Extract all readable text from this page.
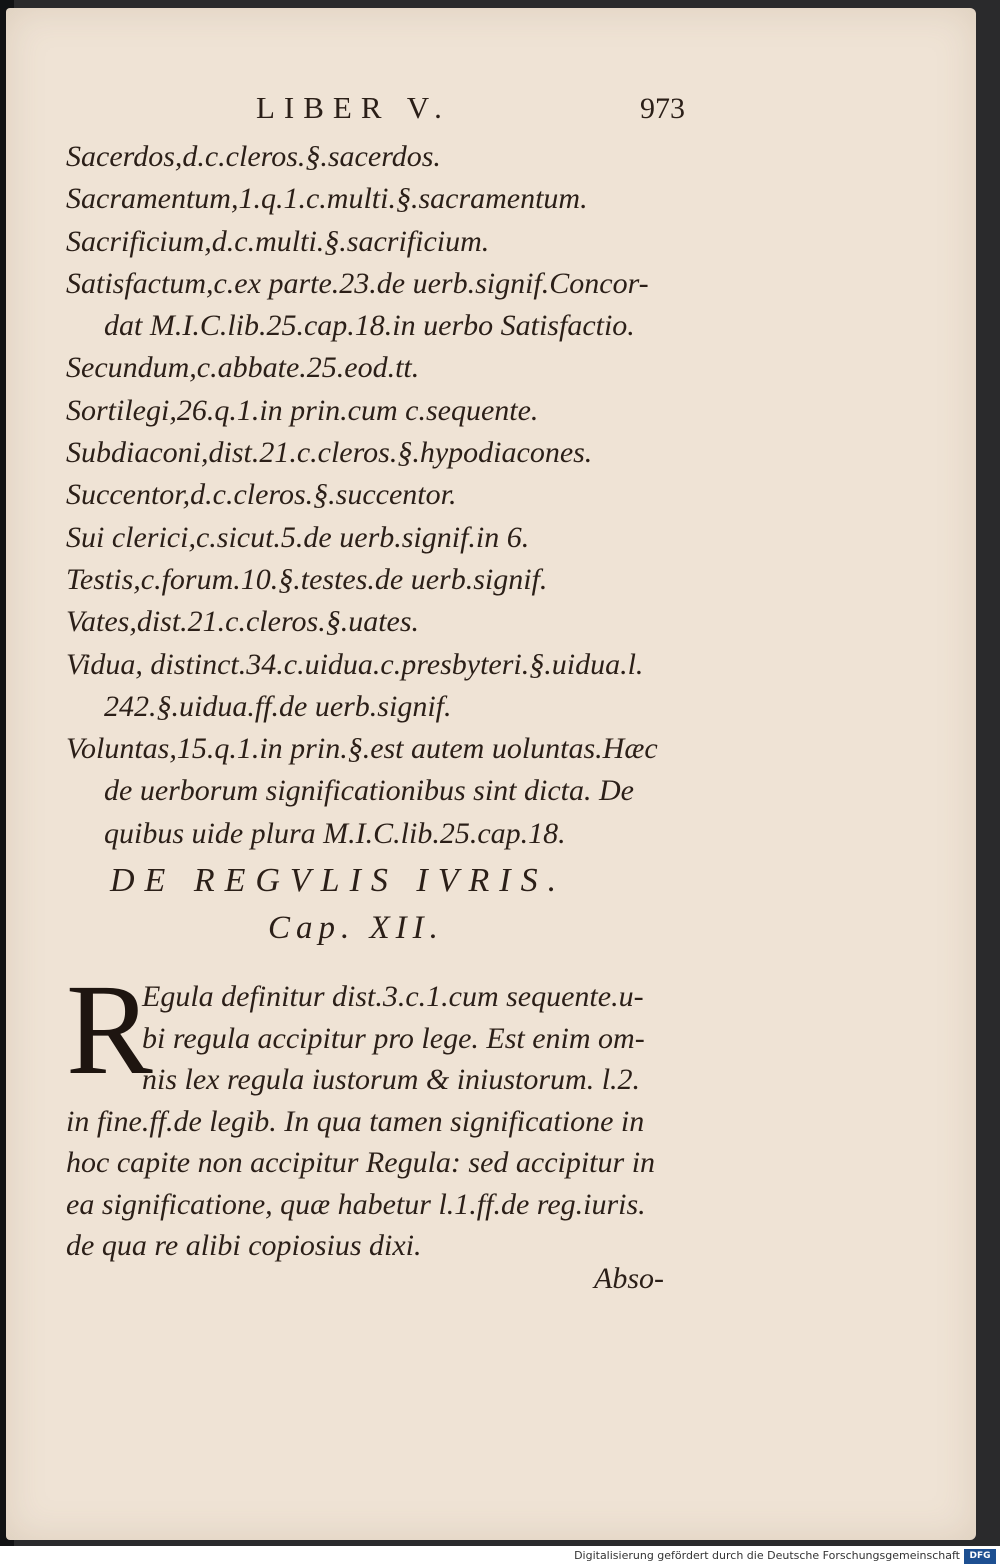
LIBER V.	973
Sacerdos,d.c.cleros.§.sacerdos.
Sacramentum,1.q.1.c.multi.§.sacramentum.
Sacrificium,d.c.multi.§.sacrificium.
Satisfactum,c.ex parte.23.de uerb.signif.Concor-
dat M.I.C.lib.25.cap.18.in uerbo Satisfactio.
Secundum,c.abbate.25.eod.tt.
Sortilegi,26.q.1.in prin.cum c.sequente.
Subdiaconi,dist.21.c.cleros.§.hypodiacones.
Succentor,d.c.cleros.§.succentor.
Sui clerici,c.sicut.5.de uerb.signif.in 6.
Testis,c.forum.10.§.testes.de uerb.signif.
Vates,dist.21.c.cleros.§.uates.
Vidua, distinct.34.c.uidua.c.presbyteri.§.uidua.l.
242.§.uidua.ff.de uerb.signif.
Voluntas,15.q.1.in prin.§.est autem uoluntas.Hæc
de uerborum significationibus sint dicta. De
quibus uide plura M.I.C.lib.25.cap.18.
DE REGVLIS IVRIS.
Cap. XII.
R
Egula definitur dist.3.c.1.cum sequente.u-
bi regula accipitur pro lege. Est enim om-
nis lex regula iustorum & iniustorum. l.2.
in fine.ff.de legib. In qua tamen significatione in
hoc capite non accipitur Regula: sed accipitur in
ea significatione, quæ habetur l.1.ff.de reg.iuris.
de qua re alibi copiosius dixi.
Abso-
Digitalisierung gefördert durch die Deutsche Forschungsgemeinschaft	DFG
